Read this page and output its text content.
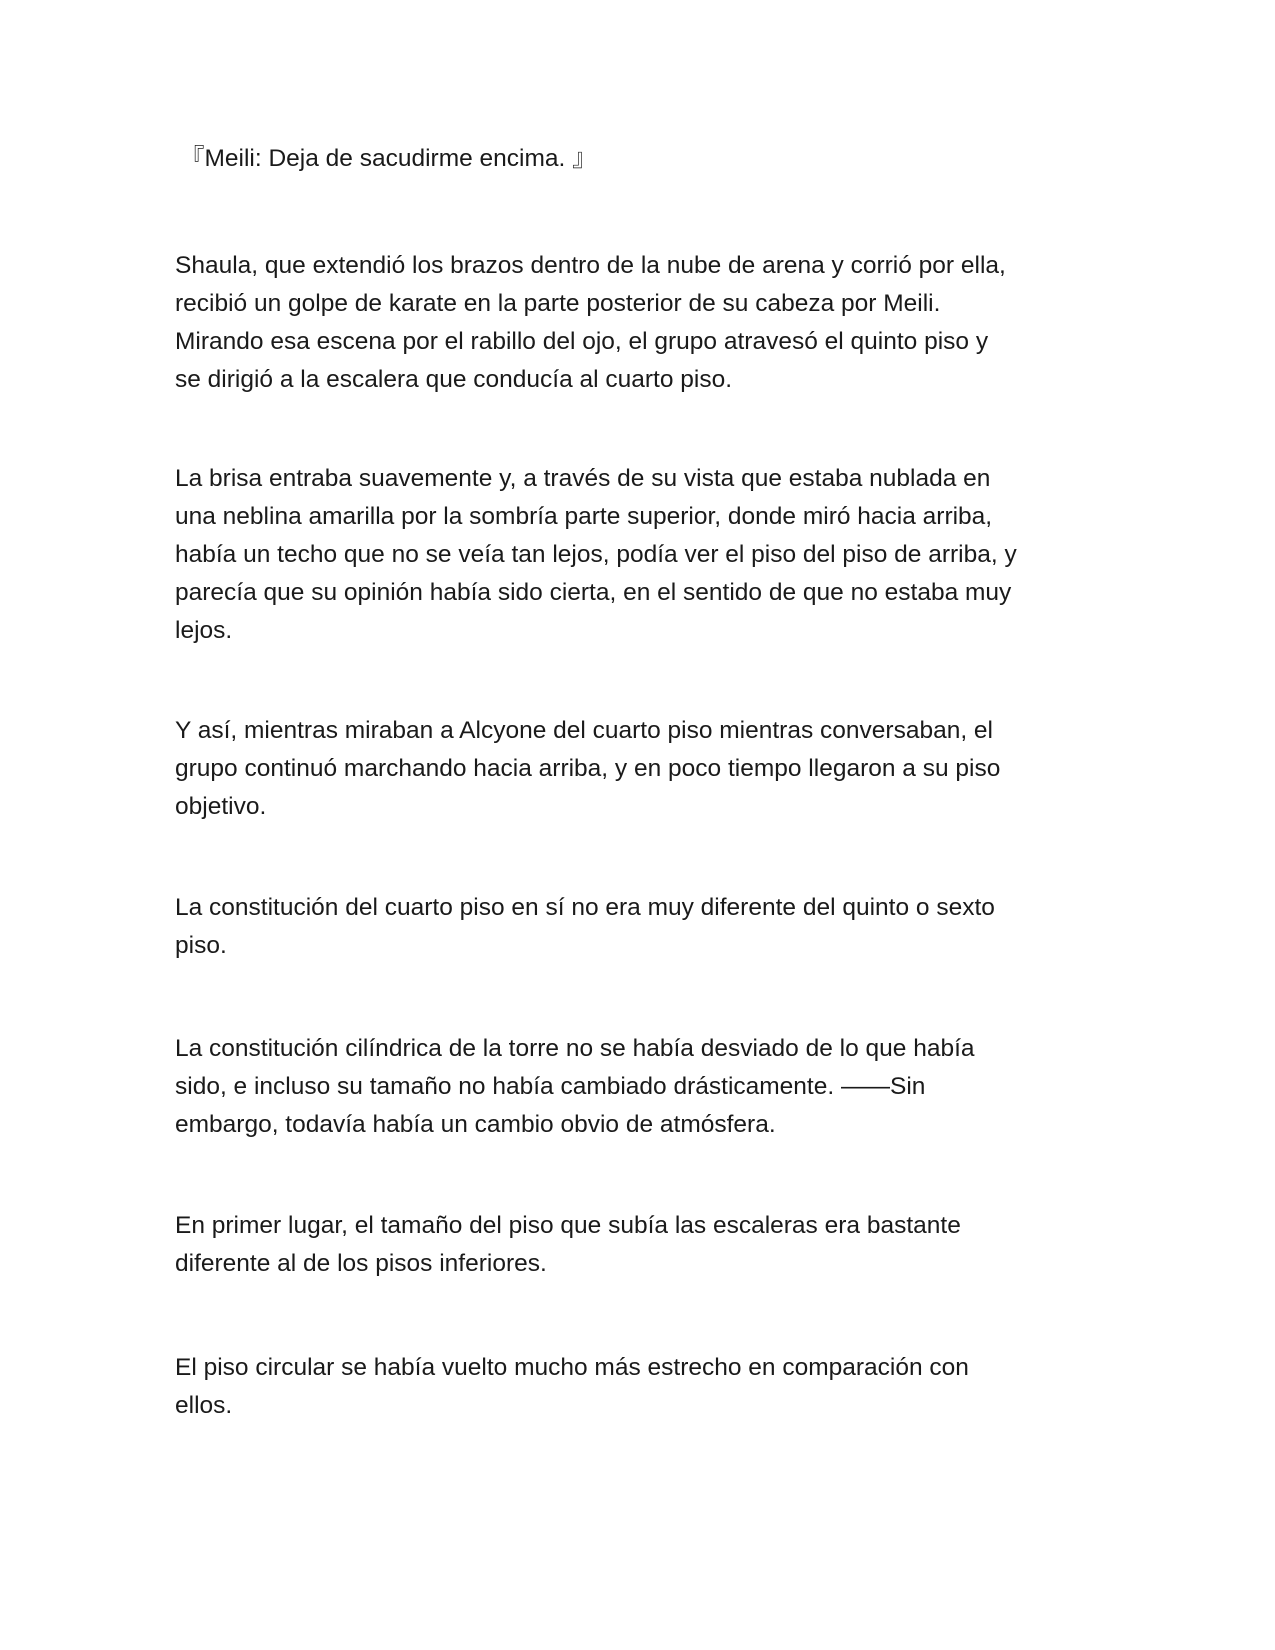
『Meili: Deja de sacudirme encima. 』

Shaula, que extendió los brazos dentro de la nube de arena y corrió por ella,
recibió un golpe de karate en la parte posterior de su cabeza por Meili.
Mirando esa escena por el rabillo del ojo, el grupo atravesó el quinto piso y
se dirigió a la escalera que conducía al cuarto piso.

La brisa entraba suavemente y, a través de su vista que estaba nublada en
una neblina amarilla por la sombría parte superior, donde miró hacia arriba,
había un techo que no se veía tan lejos, podía ver el piso del piso de arriba, y
parecía que su opinión había sido cierta, en el sentido de que no estaba muy
lejos.

Y así, mientras miraban a Alcyone del cuarto piso mientras conversaban, el
grupo continuó marchando hacia arriba, y en poco tiempo llegaron a su piso
objetivo.

La constitución del cuarto piso en sí no era muy diferente del quinto o sexto
piso.

La constitución cilíndrica de la torre no se había desviado de lo que había
sido, e incluso su tamaño no había cambiado drásticamente. ——Sin
embargo, todavía había un cambio obvio de atmósfera.

En primer lugar, el tamaño del piso que subía las escaleras era bastante
diferente al de los pisos inferiores.

El piso circular se había vuelto mucho más estrecho en comparación con
ellos.
